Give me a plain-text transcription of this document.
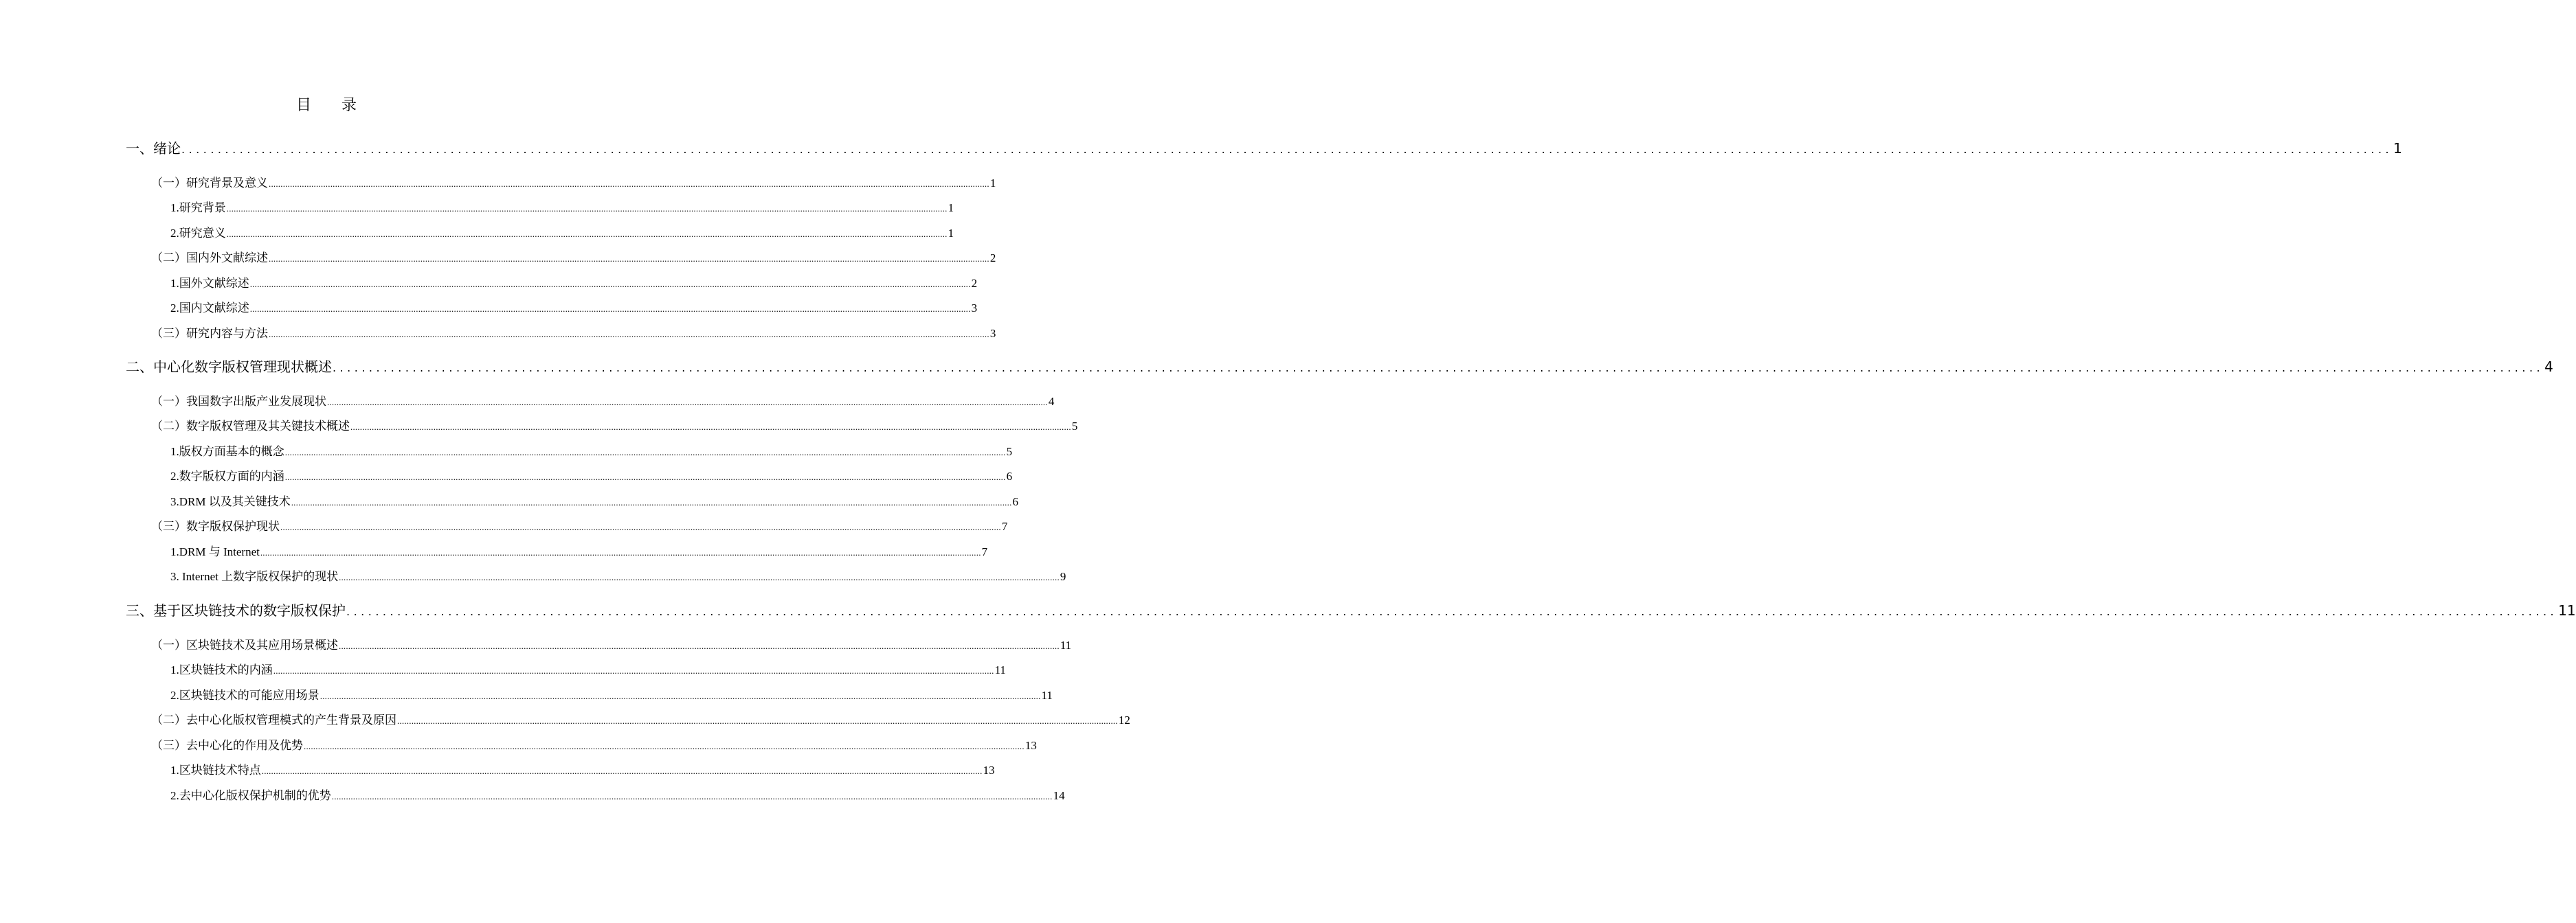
目 录
一、绪论 ................................................................................................................................................................................................................................................................................................................ 1
（一）研究背景及意义 ................................................................................................................................................................................................................................................................................................................ 1
1.研究背景 ................................................................................................................................................................................................................................................................................................................ 1
2.研究意义 ................................................................................................................................................................................................................................................................................................................ 1
（二）国内外文献综述 ................................................................................................................................................................................................................................................................................................................ 2
1.国外文献综述 ................................................................................................................................................................................................................................................................................................................ 2
2.国内文献综述 ................................................................................................................................................................................................................................................................................................................ 3
（三）研究内容与方法 ................................................................................................................................................................................................................................................................................................................ 3
二、中心化数字版权管理现状概述 ................................................................................................................................................................................................................................................................................................................ 4
（一）我国数字出版产业发展现状 ................................................................................................................................................................................................................................................................................................................ 4
（二）数字版权管理及其关键技术概述 ................................................................................................................................................................................................................................................................................................................ 5
1.版权方面基本的概念 ................................................................................................................................................................................................................................................................................................................ 5
2.数字版权方面的内涵 ................................................................................................................................................................................................................................................................................................................ 6
3.DRM 以及其关键技术 ................................................................................................................................................................................................................................................................................................................ 6
（三）数字版权保护现状 ................................................................................................................................................................................................................................................................................................................ 7
1.DRM 与 Internet ................................................................................................................................................................................................................................................................................................................ 7
3. Internet 上数字版权保护的现状 ................................................................................................................................................................................................................................................................................................................ 9
三、基于区块链技术的数字版权保护 ................................................................................................................................................................................................................................................................................................................ 11
（一）区块链技术及其应用场景概述 ................................................................................................................................................................................................................................................................................................................ 11
1.区块链技术的内涵 ................................................................................................................................................................................................................................................................................................................ 11
2.区块链技术的可能应用场景 ................................................................................................................................................................................................................................................................................................................ 11
（二）去中心化版权管理模式的产生背景及原因 ................................................................................................................................................................................................................................................................................................................ 12
（三）去中心化的作用及优势 ................................................................................................................................................................................................................................................................................................................ 13
1.区块链技术特点 ................................................................................................................................................................................................................................................................................................................ 13
2.去中心化版权保护机制的优势 ................................................................................................................................................................................................................................................................................................................ 14
